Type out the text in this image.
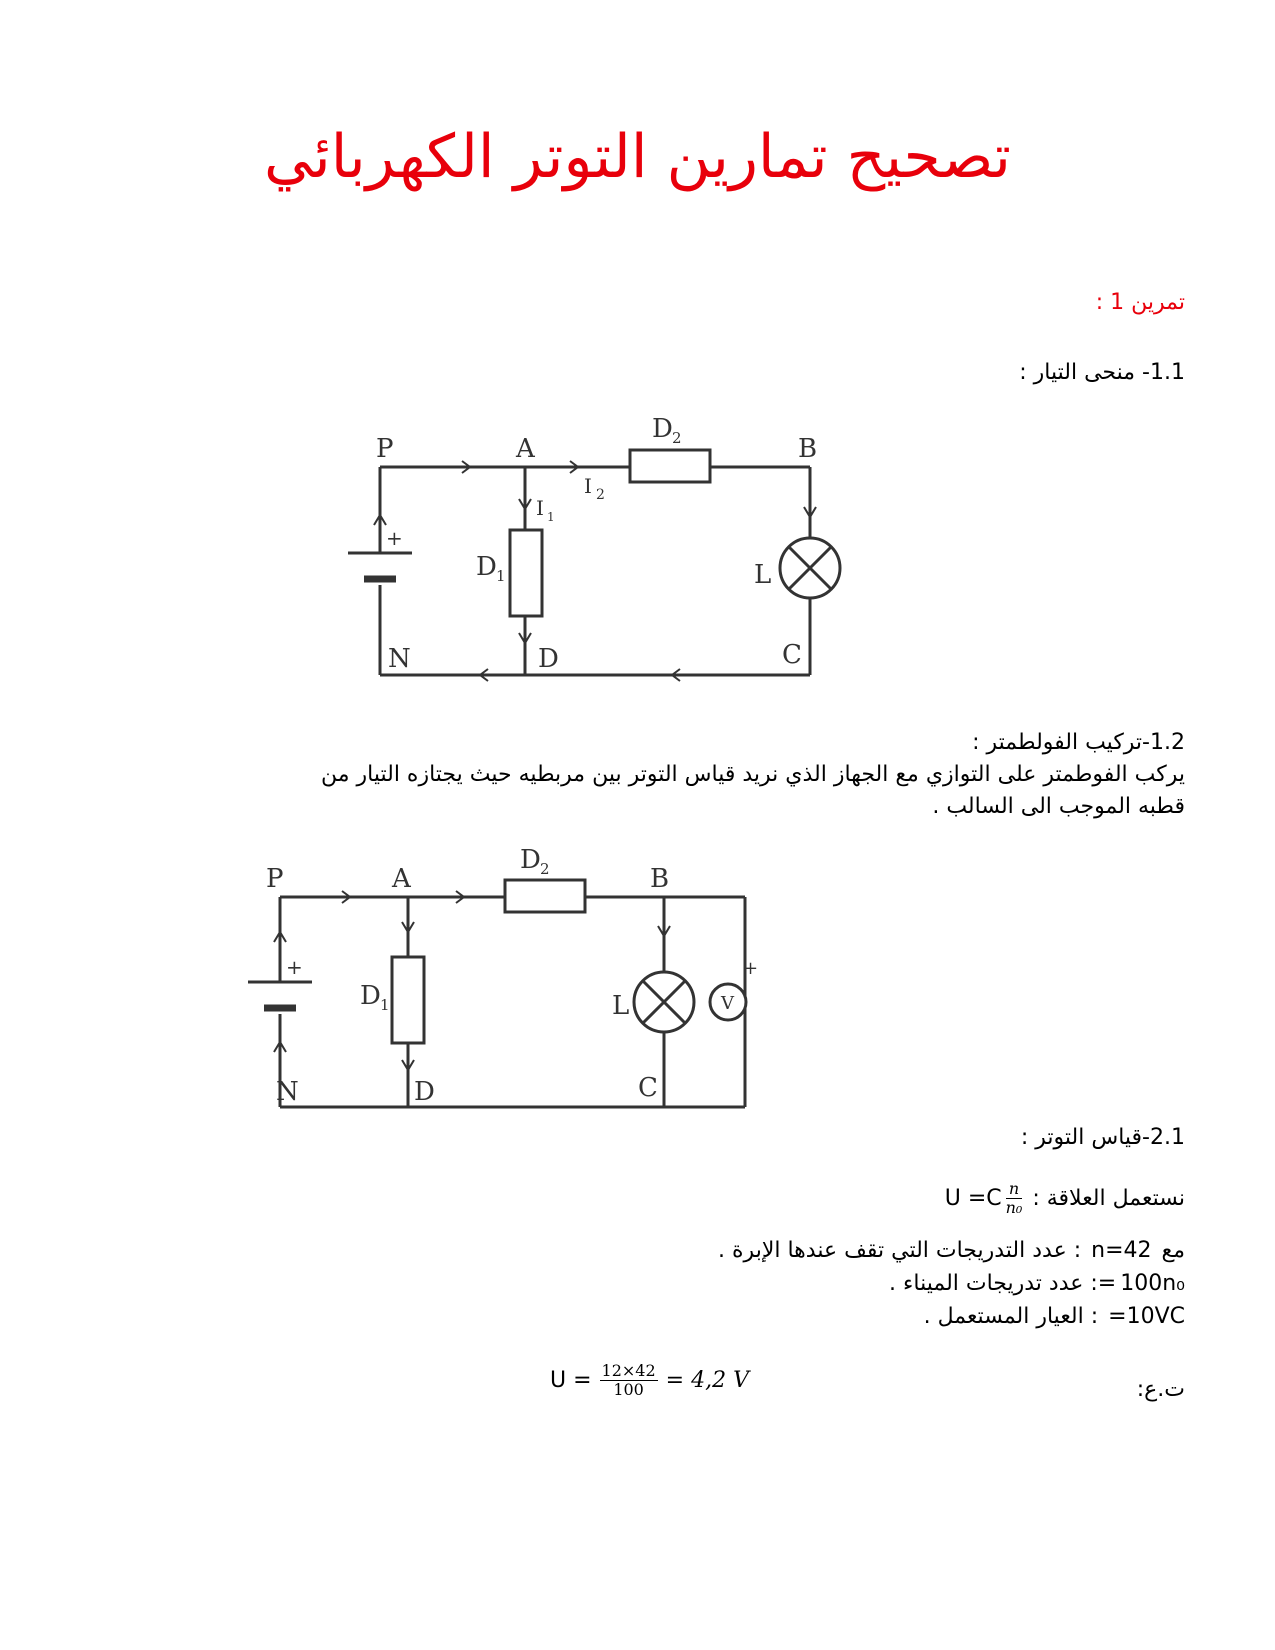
تصحيح تمارين التوتر الكهربائي
تمرين 1 :
1.1- منحى التيار :
P	A	B
N	D	C
D 1
D 2
L
I 1
I 2
+
1.2-تركيب الفولطمتر :
يركب الفوطمتر على التوازي مع الجهاز الذي نريد قياس التوتر بين مربطيه حيث يجتازه التيار من
قطبه الموجب الى السالب .
P	A	B
N	D	C
D 1
D 2
L	V
+	+
2.1-قياس التوتر :
نستعمل العلاقة :
$U =C \frac{n}{\text{n₀}}$
مع
n=42
: عدد التدريجات التي تقف عندها الإبرة .
100n₀
=: عدد تدريجات الميناء .
=10VC
: العيار المستعمل .
ت.ع:
$U = \frac{12\times 42}{100} = 4,2$ V
